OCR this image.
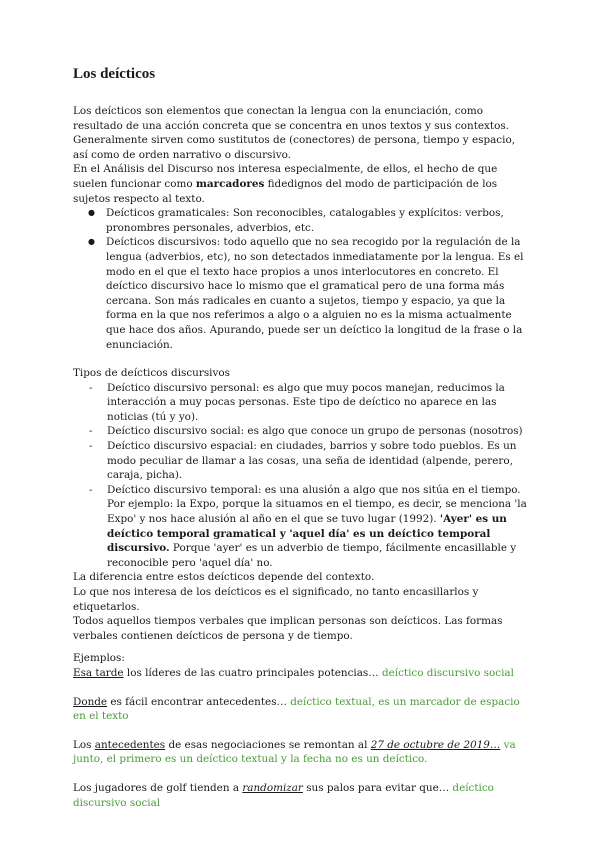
Los deícticos

Los deícticos son elementos que conectan la lengua con la enunciación, como resultado de una acción concreta que se concentra en unos textos y sus contextos. Generalmente sirven como sustitutos de (conectores) de persona, tiempo y espacio, así como de orden narrativo o discursivo.

En el Análisis del Discurso nos interesa especialmente, de ellos, el hecho de que suelen funcionar como marcadores fidedignos del modo de participación de los sujetos respecto al texto.

● Deícticos gramaticales: Son reconocibles, catalogables y explícitos: verbos, pronombres personales, adverbios, etc.
● Deícticos discursivos: todo aquello que no sea recogido por la regulación de la lengua (adverbios, etc), no son detectados inmediatamente por la lengua. Es el modo en el que el texto hace propios a unos interlocutores en concreto. El deíctico discursivo hace lo mismo que el gramatical pero de una forma más cercana. Son más radicales en cuanto a sujetos, tiempo y espacio, ya que la forma en la que nos referimos a algo o a alguien no es la misma actualmente que hace dos años. Apurando, puede ser un deíctico la longitud de la frase o la enunciación.

Tipos de deícticos discursivos

- Deíctico discursivo personal: es algo que muy pocos manejan, reducimos la interacción a muy pocas personas. Este tipo de deíctico no aparece en las noticias (tú y yo).
- Deíctico discursivo social: es algo que conoce un grupo de personas (nosotros)
- Deíctico discursivo espacial: en ciudades, barrios y sobre todo pueblos. Es un modo peculiar de llamar a las cosas, una seña de identidad (alpende, perero, caraja, picha).
- Deíctico discursivo temporal: es una alusión a algo que nos sitúa en el tiempo. Por ejemplo: la Expo, porque la situamos en el tiempo, es decir, se menciona 'la Expo' y nos hace alusión al año en el que se tuvo lugar (1992). 'Ayer' es un deíctico temporal gramatical y 'aquel día' es un deíctico temporal discursivo. Porque 'ayer' es un adverbio de tiempo, fácilmente encasillable y reconocible pero 'aquel día' no.

La diferencia entre estos deícticos depende del contexto.

Lo que nos interesa de los deícticos es el significado, no tanto encasillarlos y etiquetarlos.

Todos aquellos tiempos verbales que implican personas son deícticos. Las formas verbales contienen deícticos de persona y de tiempo.

Ejemplos:

Esa tarde los líderes de las cuatro principales potencias… deíctico discursivo social

Donde es fácil encontrar antecedentes… deíctico textual, es un marcador de espacio en el texto

Los antecedentes de esas negociaciones se remontan al 27 de octubre de 2019… va junto, el primero es un deíctico textual y la fecha no es un deíctico.

Los jugadores de golf tienden a randomizar sus palos para evitar que… deíctico discursivo social
